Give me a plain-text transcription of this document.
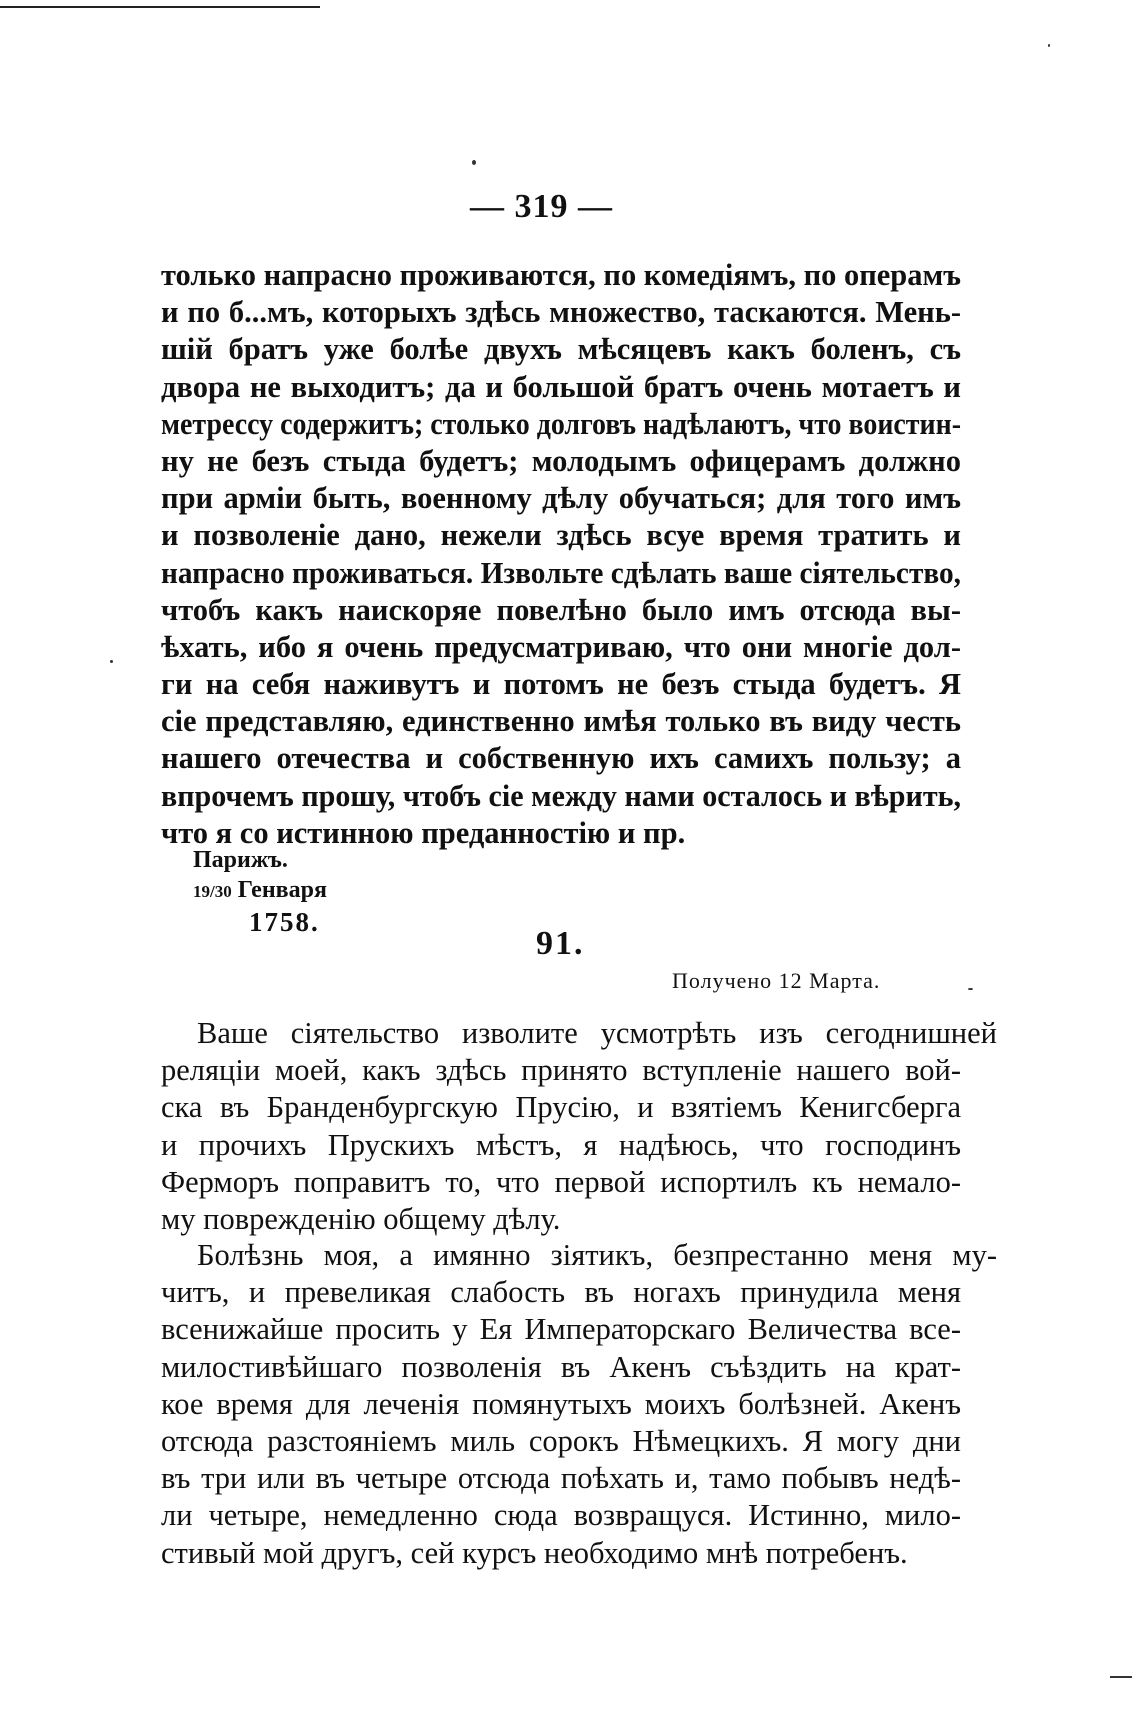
— 319 —
только напрасно проживаются, по комедіямъ, по операмъ
и по б...мъ, которыхъ здѣсь множество, таскаются. Мень-
шій братъ уже болѣе двухъ мѣсяцевъ какъ боленъ, съ
двора не выходитъ; да и большой братъ очень мотаетъ и
метрессу содержитъ; столько долговъ надѣлаютъ, что воистин-
ну не безъ стыда будетъ; молодымъ офицерамъ должно
при арміи быть, военному дѣлу обучаться; для того имъ
и позволеніе дано, нежели здѣсь всуе время тратить и
напрасно проживаться. Извольте сдѣлать ваше сіятельство,
чтобъ какъ наискоряе повелѣно было имъ отсюда вы-
ѣхать, ибо я очень предусматриваю, что они многіе дол-
ги на себя наживутъ и потомъ не безъ стыда будетъ. Я
сіе представляю, единственно имѣя только въ виду честь
нашего отечества и собственную ихъ самихъ пользу; а
впрочемъ прошу, чтобъ сіе между нами осталось и вѣрить,
что я со истинною преданностію и пр.
Парижъ.
19/30 Генваря
1758.
91.
Получено 12 Марта.
Ваше сіятельство изволите усмотрѣть изъ сегоднишней
реляціи моей, какъ здѣсь принято вступленіе нашего вой-
ска въ Бранденбургскую Прусію, и взятіемъ Кенигсберга
и прочихъ Прускихъ мѣстъ, я надѣюсь, что господинъ
Ферморъ поправитъ то, что первой испортилъ къ немало-
му поврежденію общему дѣлу.
Болѣзнь моя, а имянно зіятикъ, безпрестанно меня му-
читъ, и превеликая слабость въ ногахъ принудила меня
всенижайше просить у Ея Императорскаго Величества все-
милостивѣйшаго позволенія въ Акенъ съѣздить на крат-
кое время для леченія помянутыхъ моихъ болѣзней. Акенъ
отсюда разстояніемъ миль сорокъ Нѣмецкихъ. Я могу дни
въ три или въ четыре отсюда поѣхать и, тамо побывъ недѣ-
ли четыре, немедленно сюда возвращуся. Истинно, мило-
стивый мой другъ, сей курсъ необходимо мнѣ потребенъ.
